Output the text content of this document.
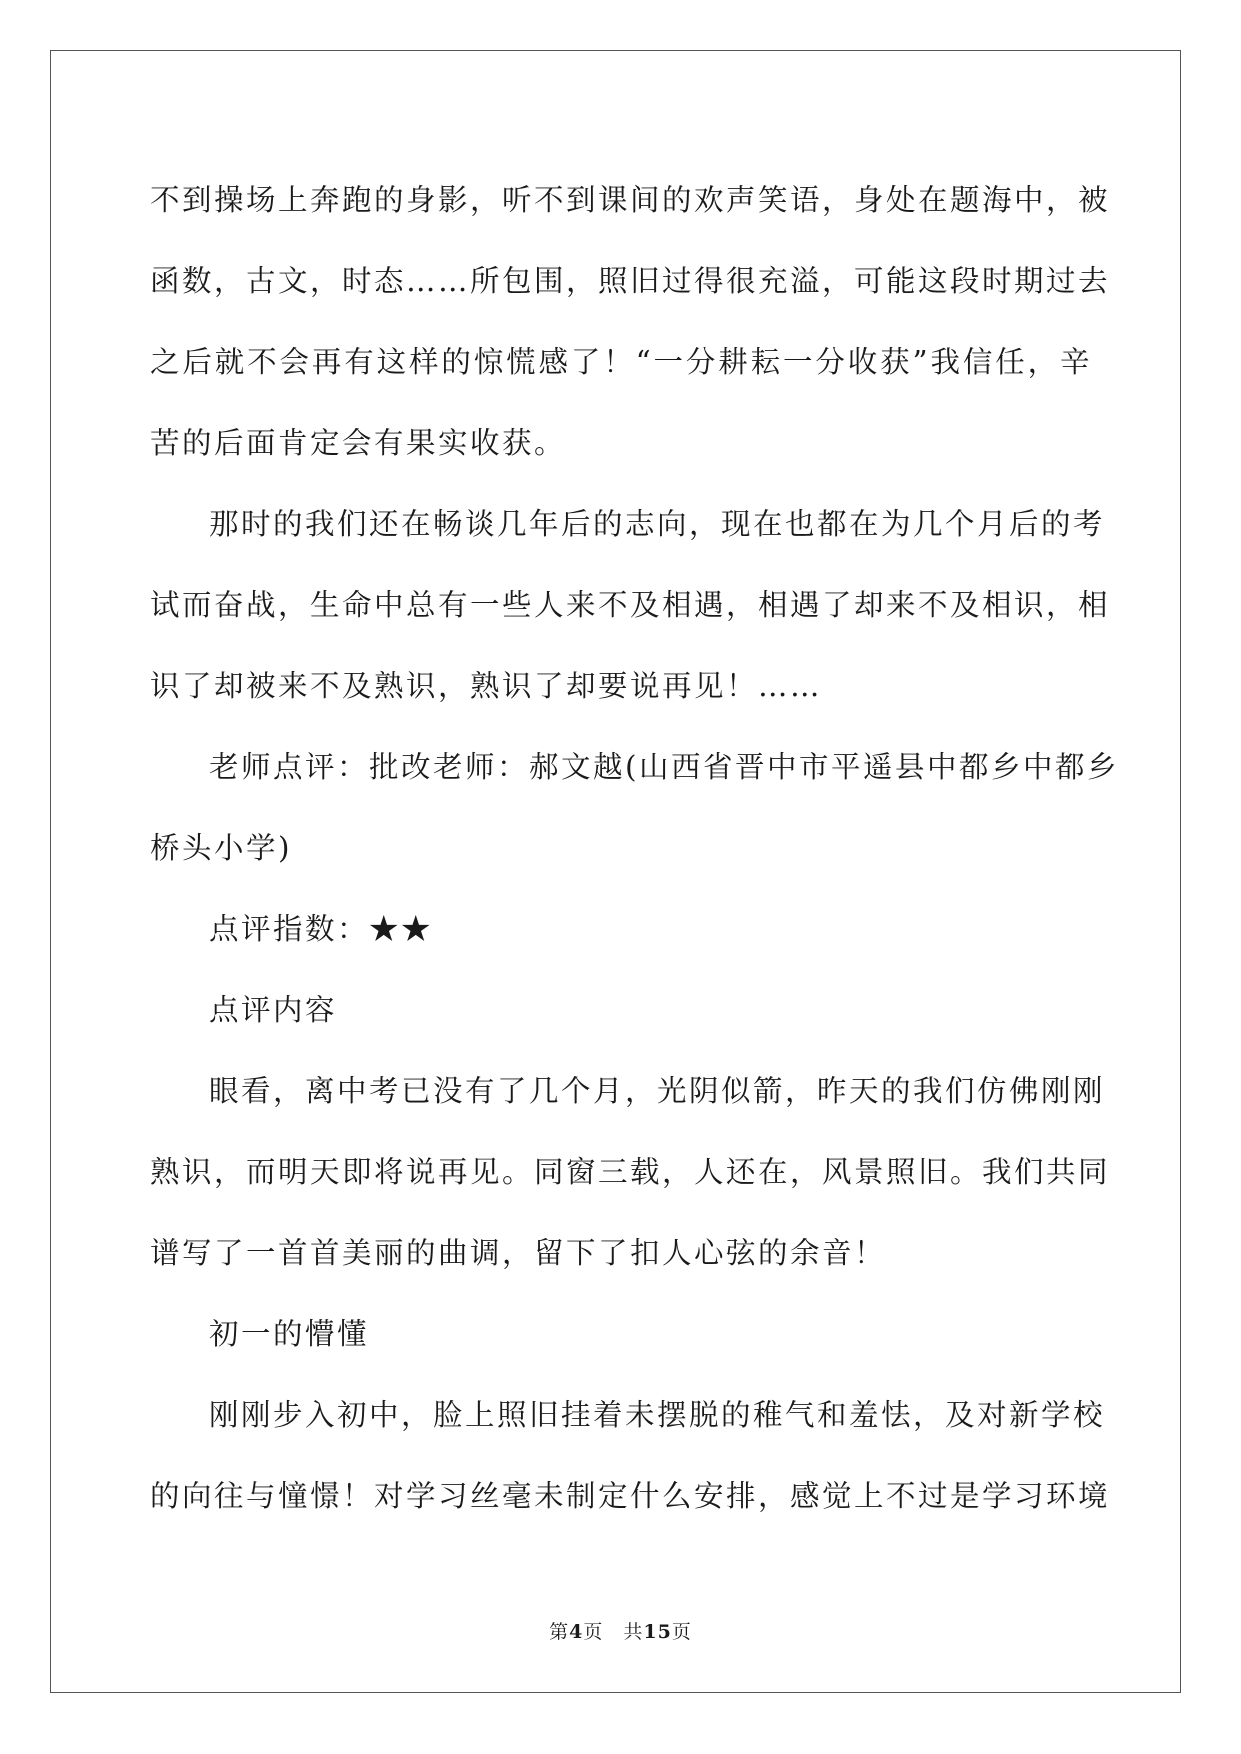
不到操场上奔跑的身影，听不到课间的欢声笑语，身处在题海中，被
函数，古文，时态……所包围，照旧过得很充溢，可能这段时期过去
之后就不会再有这样的惊慌感了！“一分耕耘一分收获”我信任，辛
苦的后面肯定会有果实收获。
那时的我们还在畅谈几年后的志向，现在也都在为几个月后的考
试而奋战，生命中总有一些人来不及相遇，相遇了却来不及相识，相
识了却被来不及熟识，熟识了却要说再见！……
老师点评：批改老师：郝文越(山西省晋中市平遥县中都乡中都乡
桥头小学)
点评指数：★★
点评内容
眼看，离中考已没有了几个月，光阴似箭，昨天的我们仿佛刚刚
熟识，而明天即将说再见。同窗三载，人还在，风景照旧。我们共同
谱写了一首首美丽的曲调，留下了扣人心弦的余音！
初一的懵懂
刚刚步入初中，脸上照旧挂着未摆脱的稚气和羞怯，及对新学校
的向往与憧憬！对学习丝毫未制定什么安排，感觉上不过是学习环境
第4页 共15页
